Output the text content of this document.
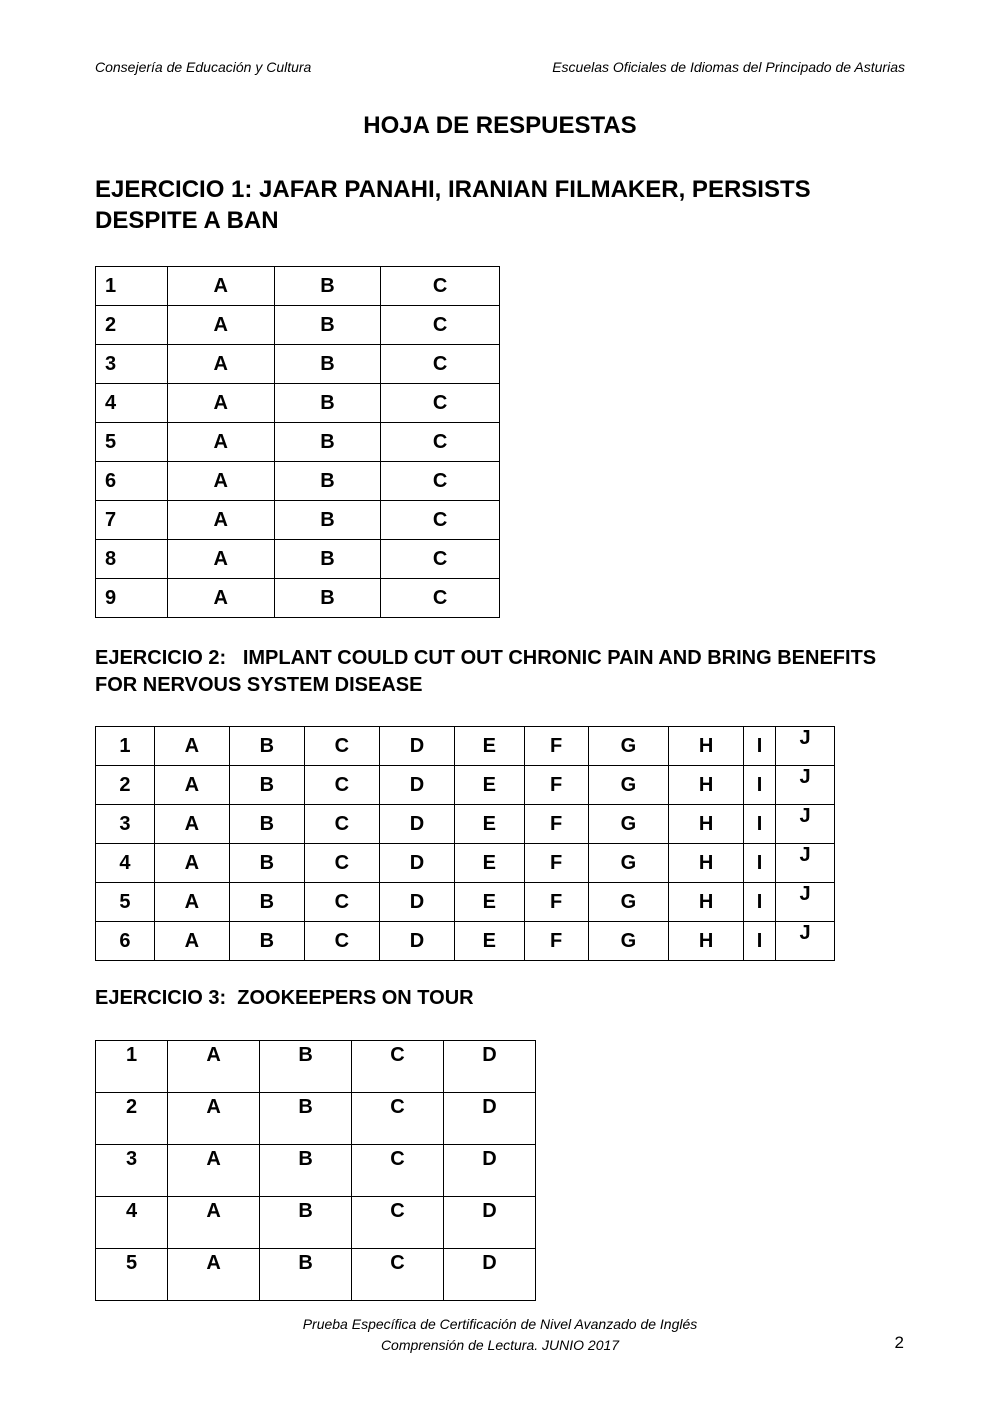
Consejería de Educación y Cultura	Escuelas Oficiales de Idiomas del Principado de Asturias
HOJA DE RESPUESTAS
EJERCICIO 1: JAFAR PANAHI, IRANIAN FILMAKER, PERSISTS DESPITE A BAN
1	A	B	C
2	A	B	C
3	A	B	C
4	A	B	C
5	A	B	C
6	A	B	C
7	A	B	C
8	A	B	C
9	A	B	C
EJERCICIO 2:   IMPLANT COULD CUT OUT CHRONIC PAIN AND BRING BENEFITS FOR NERVOUS SYSTEM DISEASE
1	A	B	C	D	E	F	G	H	I	J
2	A	B	C	D	E	F	G	H	I	J
3	A	B	C	D	E	F	G	H	I	J
4	A	B	C	D	E	F	G	H	I	J
5	A	B	C	D	E	F	G	H	I	J
6	A	B	C	D	E	F	G	H	I	J
EJERCICIO 3:  ZOOKEEPERS ON TOUR
1	A	B	C	D
2	A	B	C	D
3	A	B	C	D
4	A	B	C	D
5	A	B	C	D
Prueba Específica de Certificación de Nivel Avanzado de Inglés
Comprensión de Lectura. JUNIO 2017	2
